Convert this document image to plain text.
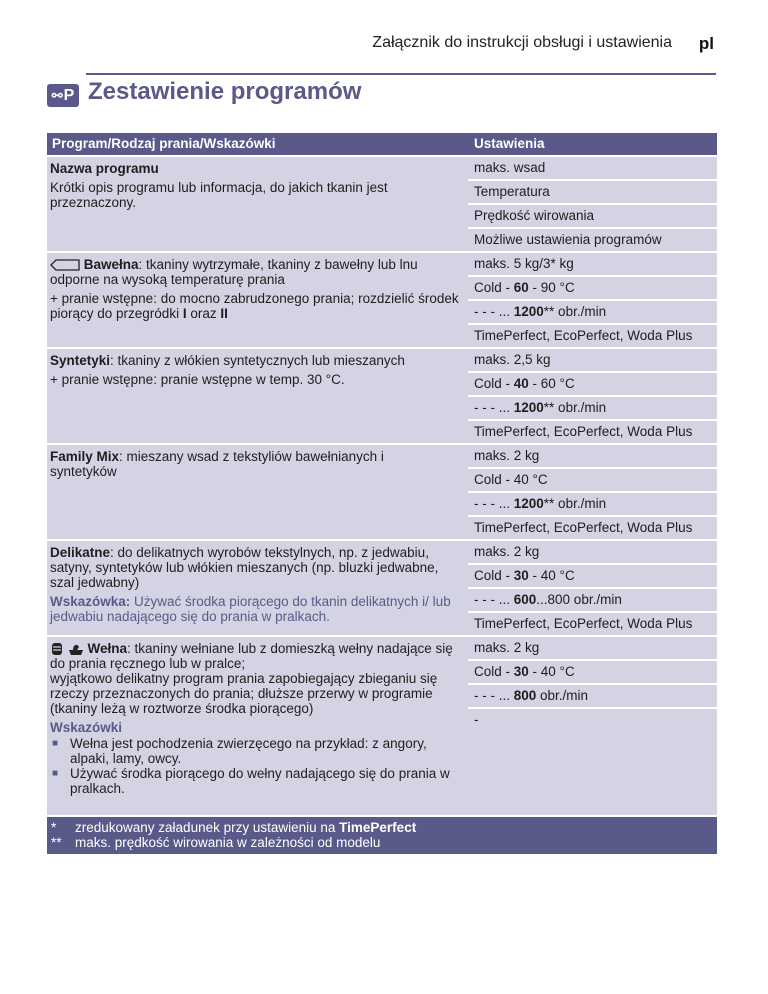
Załącznik do instrukcji obsługi i ustawienia pl
⚯P Zestawienie programów
Program/Rodzaj prania/Wskazówki	Ustawienia

Nazwa programu

Krótki opis programu lub informacja, do jakich tkanin jest przeznaczony.

maks. wsad
Temperatura
Prędkość wirowania
Możliwe ustawienia programów

Bawełna: tkaniny wytrzymałe, tkaniny z bawełny lub lnu odporne na wysoką temperaturę prania

+ pranie wstępne: do mocno zabrudzonego prania; rozdzielić środek piorący do przegródki I oraz II

maks. 5 kg/3* kg
Cold - 60 - 90 °C
- - - ... 1200** obr./min
TimePerfect, EcoPerfect, Woda Plus

Syntetyki: tkaniny z włókien syntetycznych lub mieszanych

+ pranie wstępne: pranie wstępne w temp. 30 °C.

maks. 2,5 kg
Cold - 40 - 60 °C
- - - ... 1200** obr./min
TimePerfect, EcoPerfect, Woda Plus

Family Mix: mieszany wsad z tekstyliów bawełnianych i syntetyków

maks. 2 kg
Cold - 40 °C
- - - ... 1200** obr./min
TimePerfect, EcoPerfect, Woda Plus

Delikatne: do delikatnych wyrobów tekstylnych, np. z jedwabiu, satyny, syntetyków lub włókien mieszanych (np. bluzki jedwabne, szal jedwabny)

Wskazówka: Używać środka piorącego do tkanin delikatnych i/ lub jedwabiu nadającego się do prania w pralkach.

maks. 2 kg
Cold - 30 - 40 °C
- - - ... 600...800 obr./min
TimePerfect, EcoPerfect, Woda Plus

Wełna: tkaniny wełniane lub z domieszką wełny nadające się do prania ręcznego lub w pralce;

wyjątkowo delikatny program prania zapobiegający zbieganiu się rzeczy przeznaczonych do prania; dłuższe przerwy w programie (tkaniny leżą w roztworze środka piorącego)

Wskazówki

■ Wełna jest pochodzenia zwierzęcego na przykład: z angory, alpaki, lamy, owcy.
■ Używać środka piorącego do wełny nadającego się do prania w pralkach.
maks. 2 kg
Cold - 30 - 40 °C
- - - ... 800 obr./min
-
*	zredukowany załadunek przy ustawieniu na TimePerfect
** maks. prędkość wirowania w zależności od modelu
